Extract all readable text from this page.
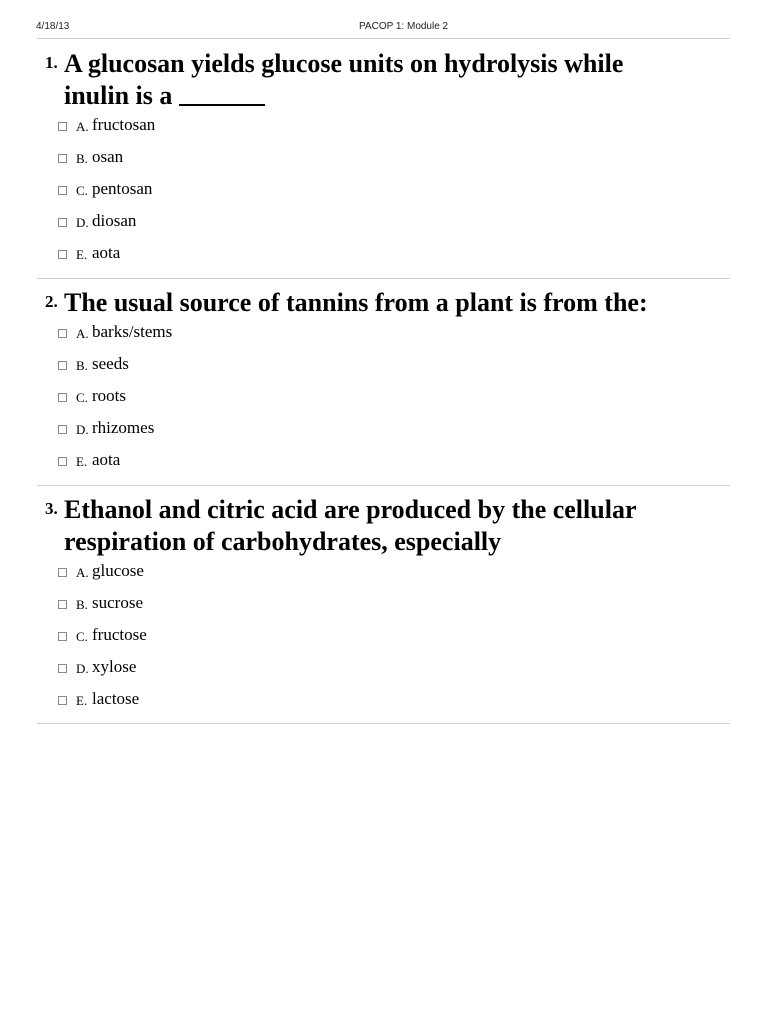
4/18/13	PACOP 1: Module 2
1. A glucosan yields glucose units on hydrolysis while
inulin is a
A. fructosan
B. osan
C. pentosan
D. diosan
E. aota
2. The usual source of tannins from a plant is from the:
A. barks/stems
B. seeds
C. roots
D. rhizomes
E. aota
3. Ethanol and citric acid are produced by the cellular
respiration of carbohydrates, especially
A. glucose
B. sucrose
C. fructose
D. xylose
E. lactose
